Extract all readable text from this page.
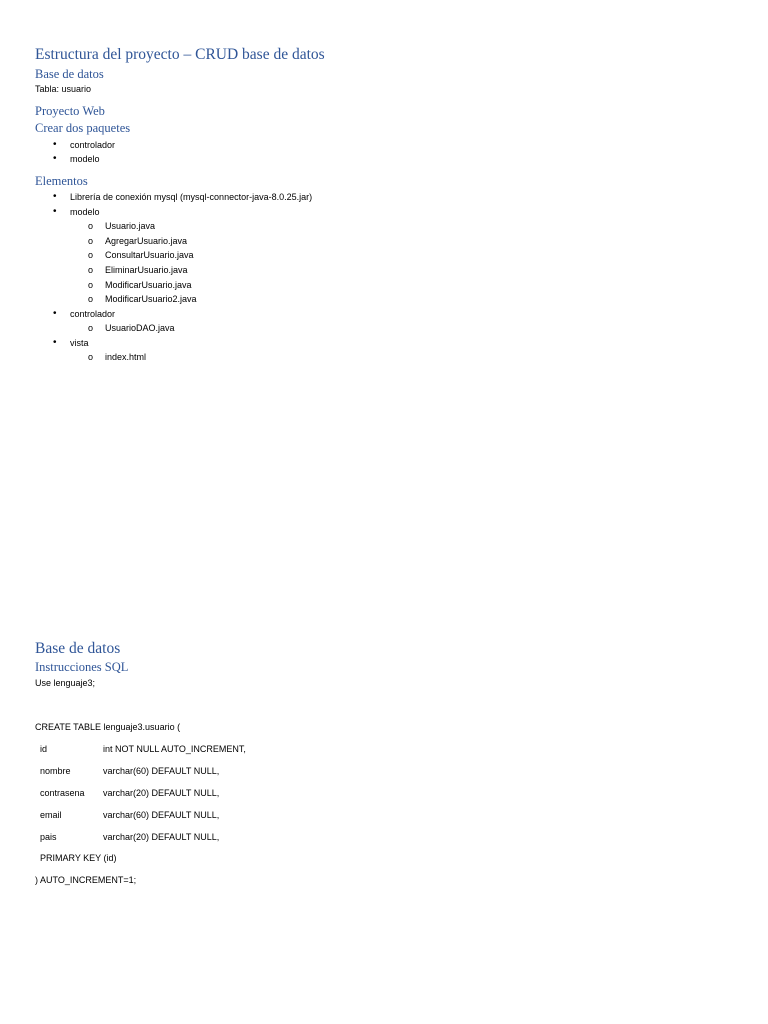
Estructura del proyecto – CRUD base de datos
Base de datos
Tabla: usuario
Proyecto Web
Crear dos paquetes
• controlador
• modelo
Elementos
• Librería de conexión mysql (mysql-connector-java-8.0.25.jar)
• modelo
o Usuario.java
o AgregarUsuario.java
o ConsultarUsuario.java
o EliminarUsuario.java
o ModificarUsuario.java
o ModificarUsuario2.java
• controlador
o UsuarioDAO.java
• vista
o index.html
Base de datos
Instrucciones SQL
Use lenguaje3;
CREATE TABLE lenguaje3.usuario (
id	int NOT NULL AUTO_INCREMENT,
nombre	varchar(60) DEFAULT NULL,
contrasena varchar(20) DEFAULT NULL,
email	varchar(60) DEFAULT NULL,
pais	varchar(20) DEFAULT NULL,
PRIMARY KEY (id)
) AUTO_INCREMENT=1;
